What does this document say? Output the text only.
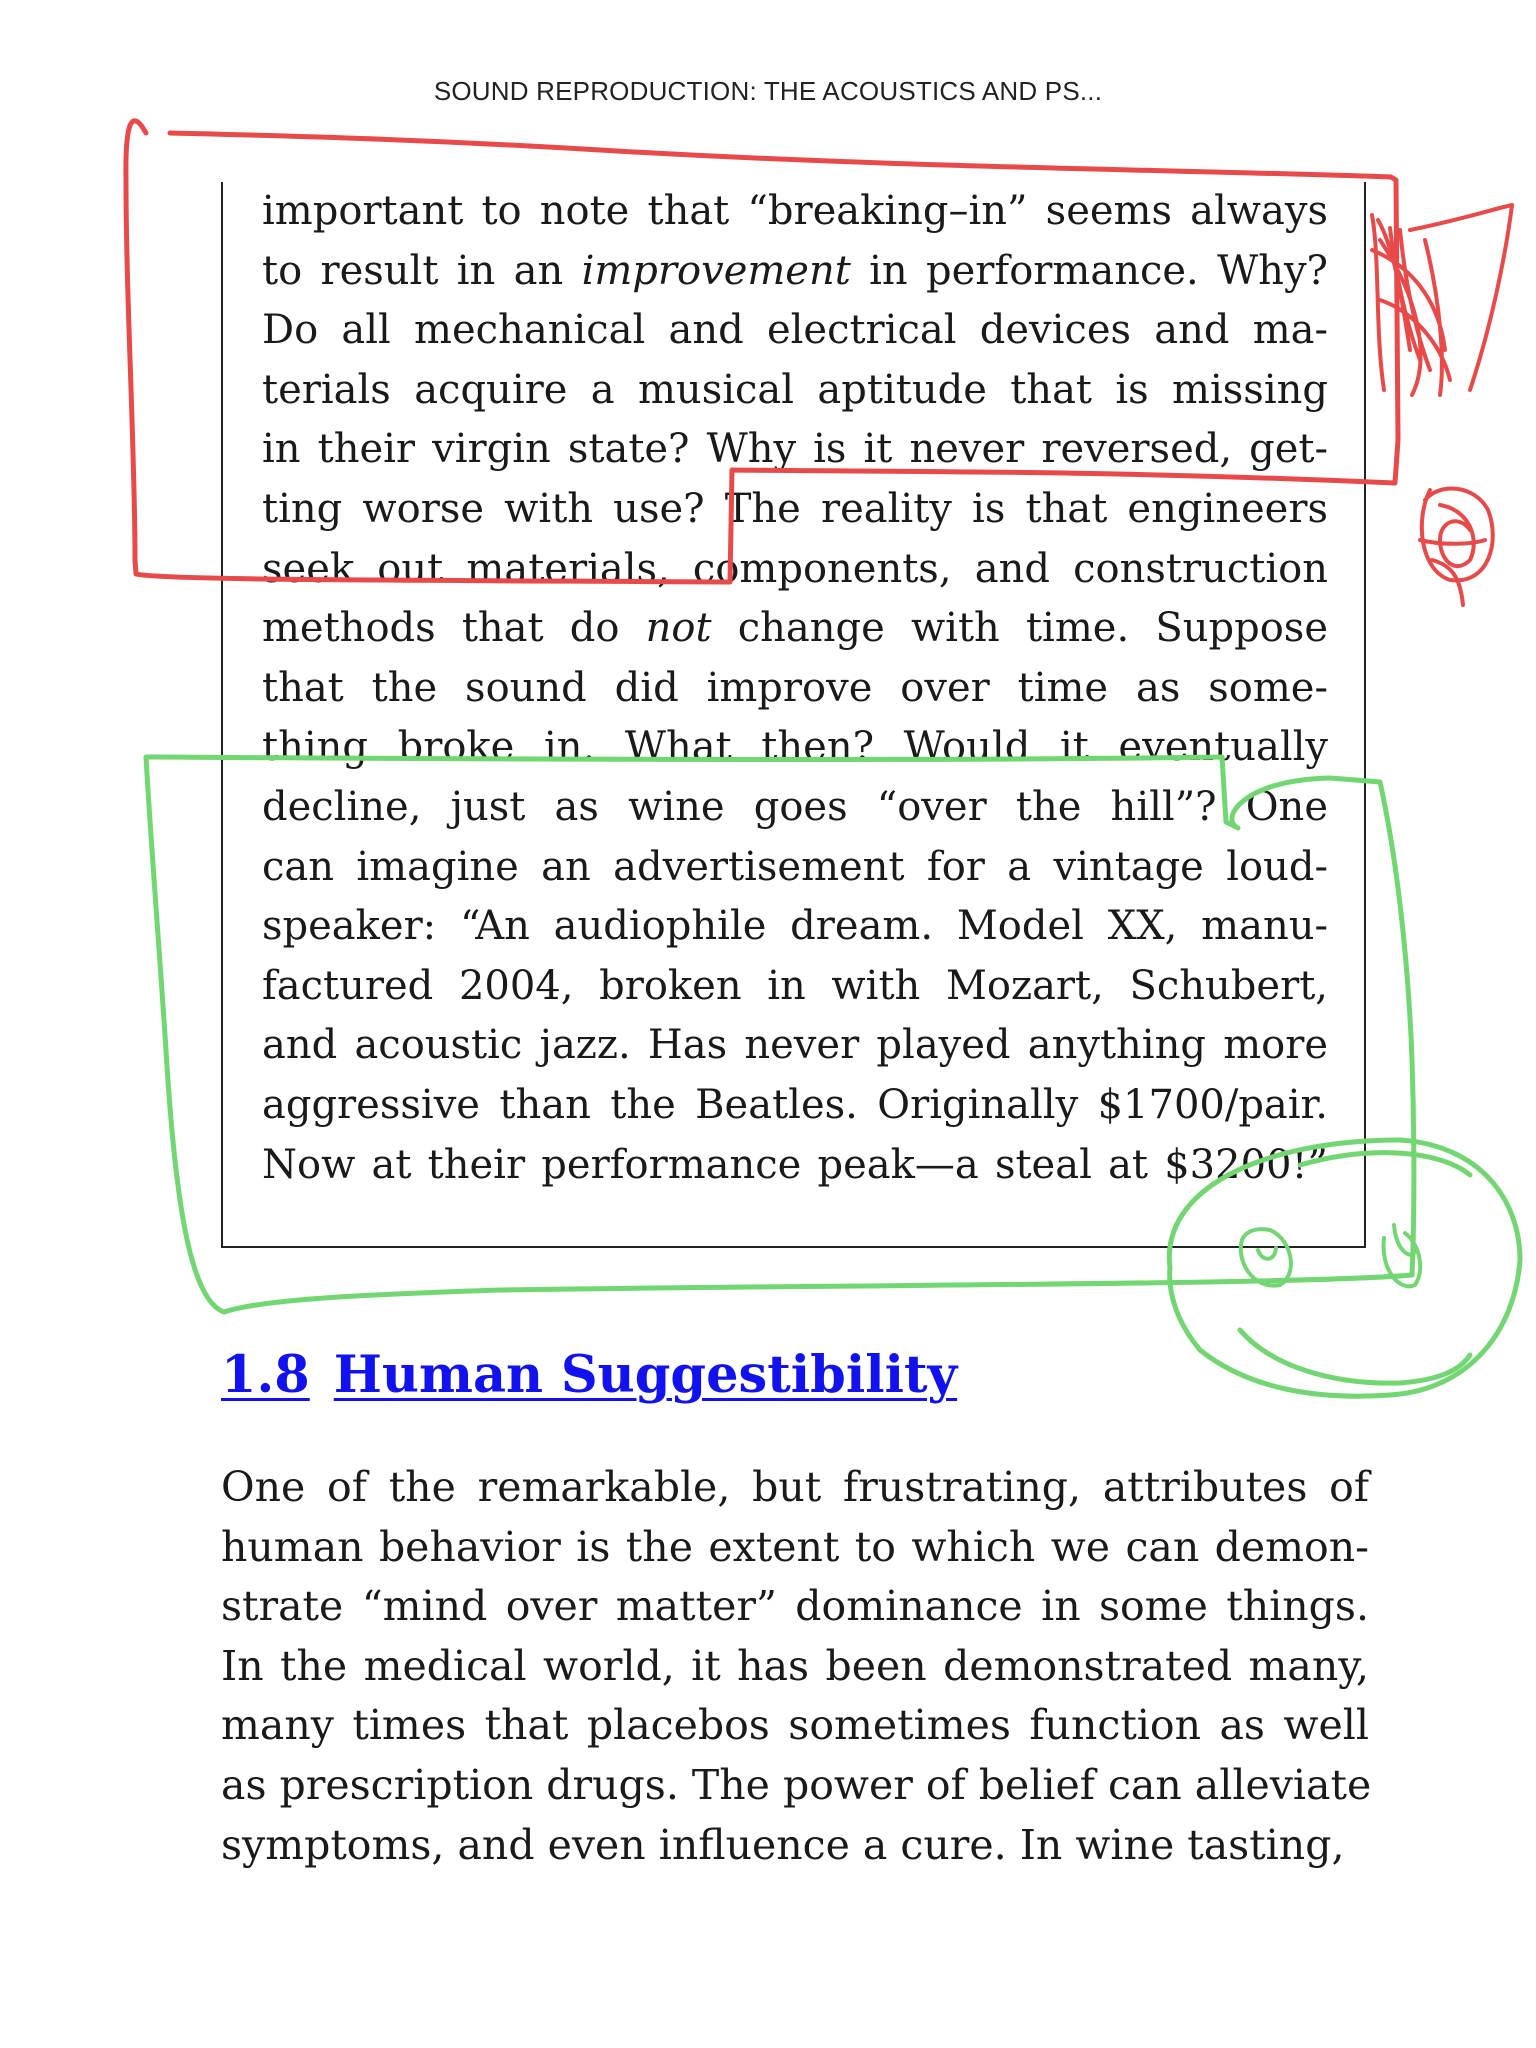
SOUND REPRODUCTION: THE ACOUSTICS AND PS...
important to note that “breaking–in” seems always
to result in an improvement in performance. Why?
Do all mechanical and electrical devices and ma-
terials acquire a musical aptitude that is missing
in their virgin state? Why is it never reversed, get-
ting worse with use? The reality is that engineers
seek out materials, components, and construction
methods that do not change with time. Suppose
that the sound did improve over time as some-
thing broke in. What then? Would it eventually
decline, just as wine goes “over the hill”? One
can imagine an advertisement for a vintage loud-
speaker: “An audiophile dream. Model XX, manu-
factured 2004, broken in with Mozart, Schubert,
and acoustic jazz. Has never played anything more
aggressive than the Beatles. Originally $1700/pair.
Now at their performance peak—a steal at $3200!”
1.8 Human Suggestibility
One of the remarkable, but frustrating, attributes of
human behavior is the extent to which we can demon-
strate “mind over matter” dominance in some things.
In the medical world, it has been demonstrated many,
many times that placebos sometimes function as well
as prescription drugs. The power of belief can alleviate
symptoms, and even influence a cure. In wine tasting,
